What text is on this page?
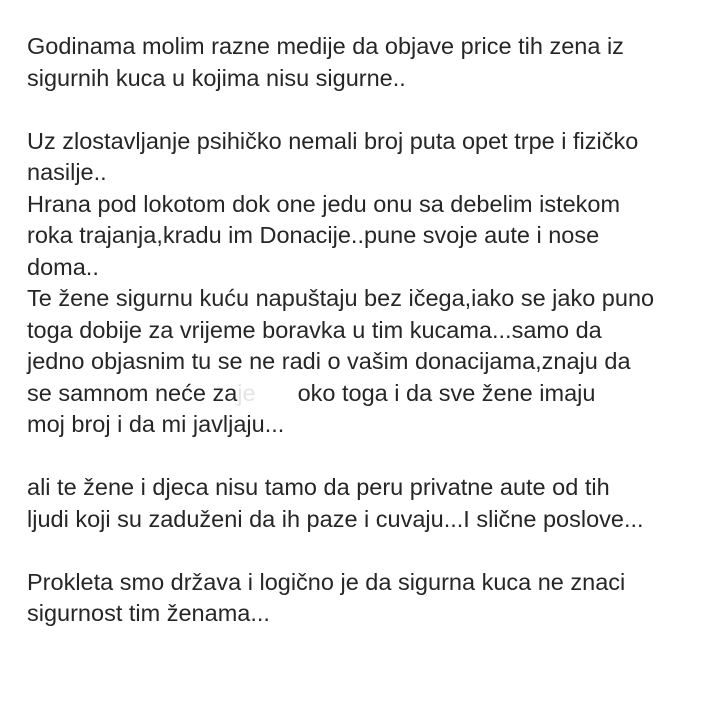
Godinama molim razne medije da objave price tih zena iz
sigurnih kuca u kojima nisu sigurne..

Uz zlostavljanje psihičko nemali broj puta opet trpe i fizičko
nasilje..
Hrana pod lokotom dok one jedu onu sa debelim istekom
roka trajanja,kradu im Donacije..pune svoje aute i nose
doma..
Te žene sigurnu kuću napuštaju bez ičega,iako se jako puno
toga dobije za vrijeme boravka u tim kucama...samo da
jedno objasnim tu se ne radi o vašim donacijama,znaju da
se samnom neće zaje oko toga i da sve žene imaju
moj broj i da mi javljaju...

ali te žene i djeca nisu tamo da peru privatne aute od tih
ljudi koji su zaduženi da ih paze i cuvaju...I slične poslove...

Prokleta smo država i logično je da sigurna kuca ne znaci
sigurnost tim ženama...
